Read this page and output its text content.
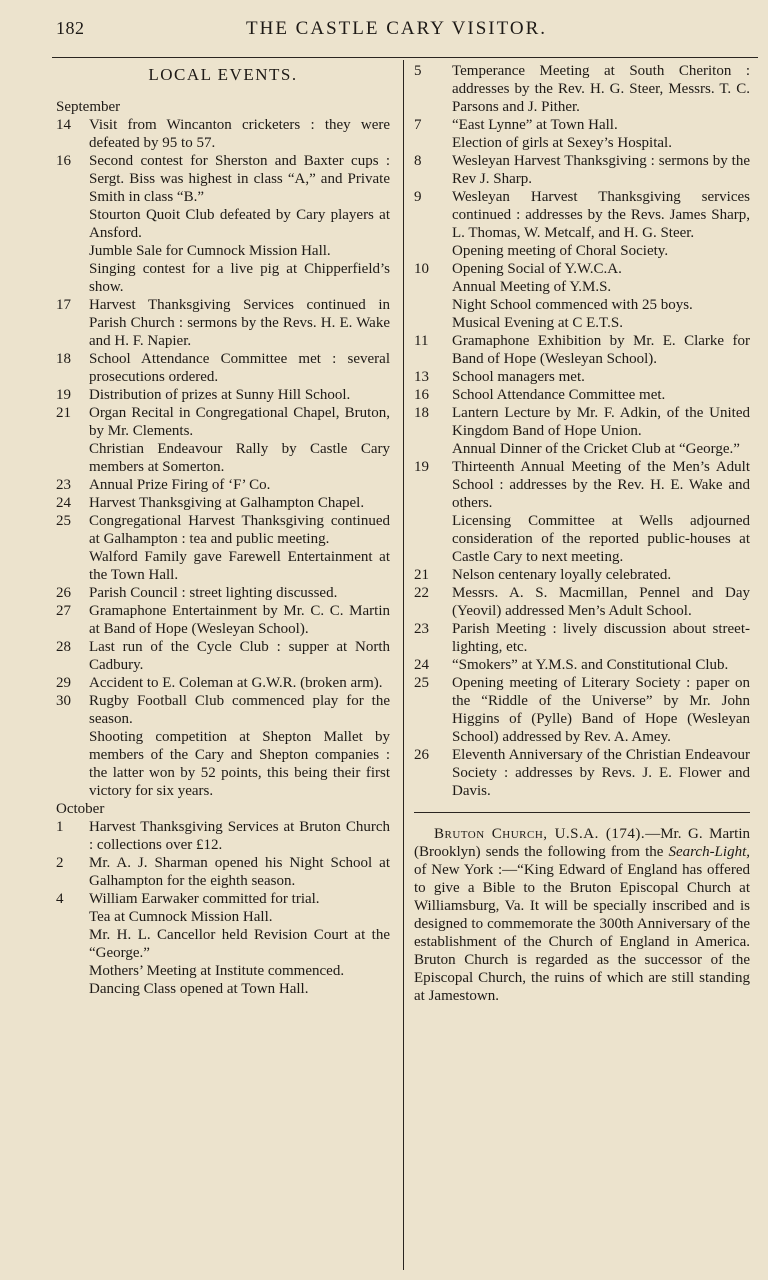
182	THE CASTLE CARY VISITOR.
LOCAL EVENTS.
September
14	Visit from Wincanton cricketers : they were defeated by 95 to 57.

16	Second contest for Sherston and Baxter cups : Sergt. Biss was highest in class “A,” and Private Smith in class “B.”

Stourton Quoit Club defeated by Cary players at Ansford.

Jumble Sale for Cumnock Mission Hall.

Singing contest for a live pig at Chipperfield’s show.

17	Harvest Thanksgiving Services continued in Parish Church : sermons by the Revs. H. E. Wake and H. F. Napier.

18	School Attendance Committee met : several prosecutions ordered.

19	Distribution of prizes at Sunny Hill School.

21	Organ Recital in Congregational Chapel, Bruton, by Mr. Clements.

Christian Endeavour Rally by Castle Cary members at Somerton.

23	Annual Prize Firing of ‘F’ Co.

24	Harvest Thanksgiving at Galhampton Chapel.

25	Congregational Harvest Thanksgiving continued at Galhampton : tea and public meeting.

Walford Family gave Farewell Entertainment at the Town Hall.

26	Parish Council : street lighting discussed.

27	Gramaphone Entertainment by Mr. C. C. Martin at Band of Hope (Wesleyan School).

28	Last run of the Cycle Club : supper at North Cadbury.

29	Accident to E. Coleman at G.W.R. (broken arm).

30	Rugby Football Club commenced play for the season.

Shooting competition at Shepton Mallet by members of the Cary and Shepton companies : the latter won by 52 points, this being their first victory for six years.

October
1	Harvest Thanksgiving Services at Bruton Church : collections over £12.

2	Mr. A. J. Sharman opened his Night School at Galhampton for the eighth season.

4	William Earwaker committed for trial.

Tea at Cumnock Mission Hall.

Mr. H. L. Cancellor held Revision Court at the “George.”

Mothers’ Meeting at Institute commenced.

Dancing Class opened at Town Hall.

5	Temperance Meeting at South Cheriton : addresses by the Rev. H. G. Steer, Messrs. T. C. Parsons and J. Pither.

7	“East Lynne” at Town Hall.

Election of girls at Sexey’s Hospital.

8	Wesleyan Harvest Thanksgiving : sermons by the Rev J. Sharp.

9	Wesleyan Harvest Thanksgiving services continued : addresses by the Revs. James Sharp, L. Thomas, W. Metcalf, and H. G. Steer.

Opening meeting of Choral Society.

10	Opening Social of Y.W.C.A.

Annual Meeting of Y.M.S.

Night School commenced with 25 boys.

Musical Evening at C E.T.S.

11	Gramaphone Exhibition by Mr. E. Clarke for Band of Hope (Wesleyan School).

13	School managers met.

16	School Attendance Committee met.

18	Lantern Lecture by Mr. F. Adkin, of the United Kingdom Band of Hope Union.

Annual Dinner of the Cricket Club at “George.”

19	Thirteenth Annual Meeting of the Men’s Adult School : addresses by the Rev. H. E. Wake and others.

Licensing Committee at Wells adjourned consideration of the reported public-houses at Castle Cary to next meeting.

21	Nelson centenary loyally celebrated.

22	Messrs. A. S. Macmillan, Pennel and Day (Yeovil) addressed Men’s Adult School.

23	Parish Meeting : lively discussion about street-lighting, etc.

24	“Smokers” at Y.M.S. and Constitutional Club.

25	Opening meeting of Literary Society : paper on the “Riddle of the Universe” by Mr. John Higgins of (Pylle) Band of Hope (Wesleyan School) addressed by Rev. A. Amey.

26	Eleventh Anniversary of the Christian Endeavour Society : addresses by Revs. J. E. Flower and Davis.

Bruton Church, U.S.A. (174).—Mr. G. Martin (Brooklyn) sends the following from the Search-Light, of New York :—“King Edward of England has offered to give a Bible to the Bruton Episcopal Church at Williamsburg, Va. It will be specially inscribed and is designed to commemorate the 300th Anniversary of the establishment of the Church of England in America. Bruton Church is regarded as the successor of the Episcopal Church, the ruins of which are still standing at Jamestown.
